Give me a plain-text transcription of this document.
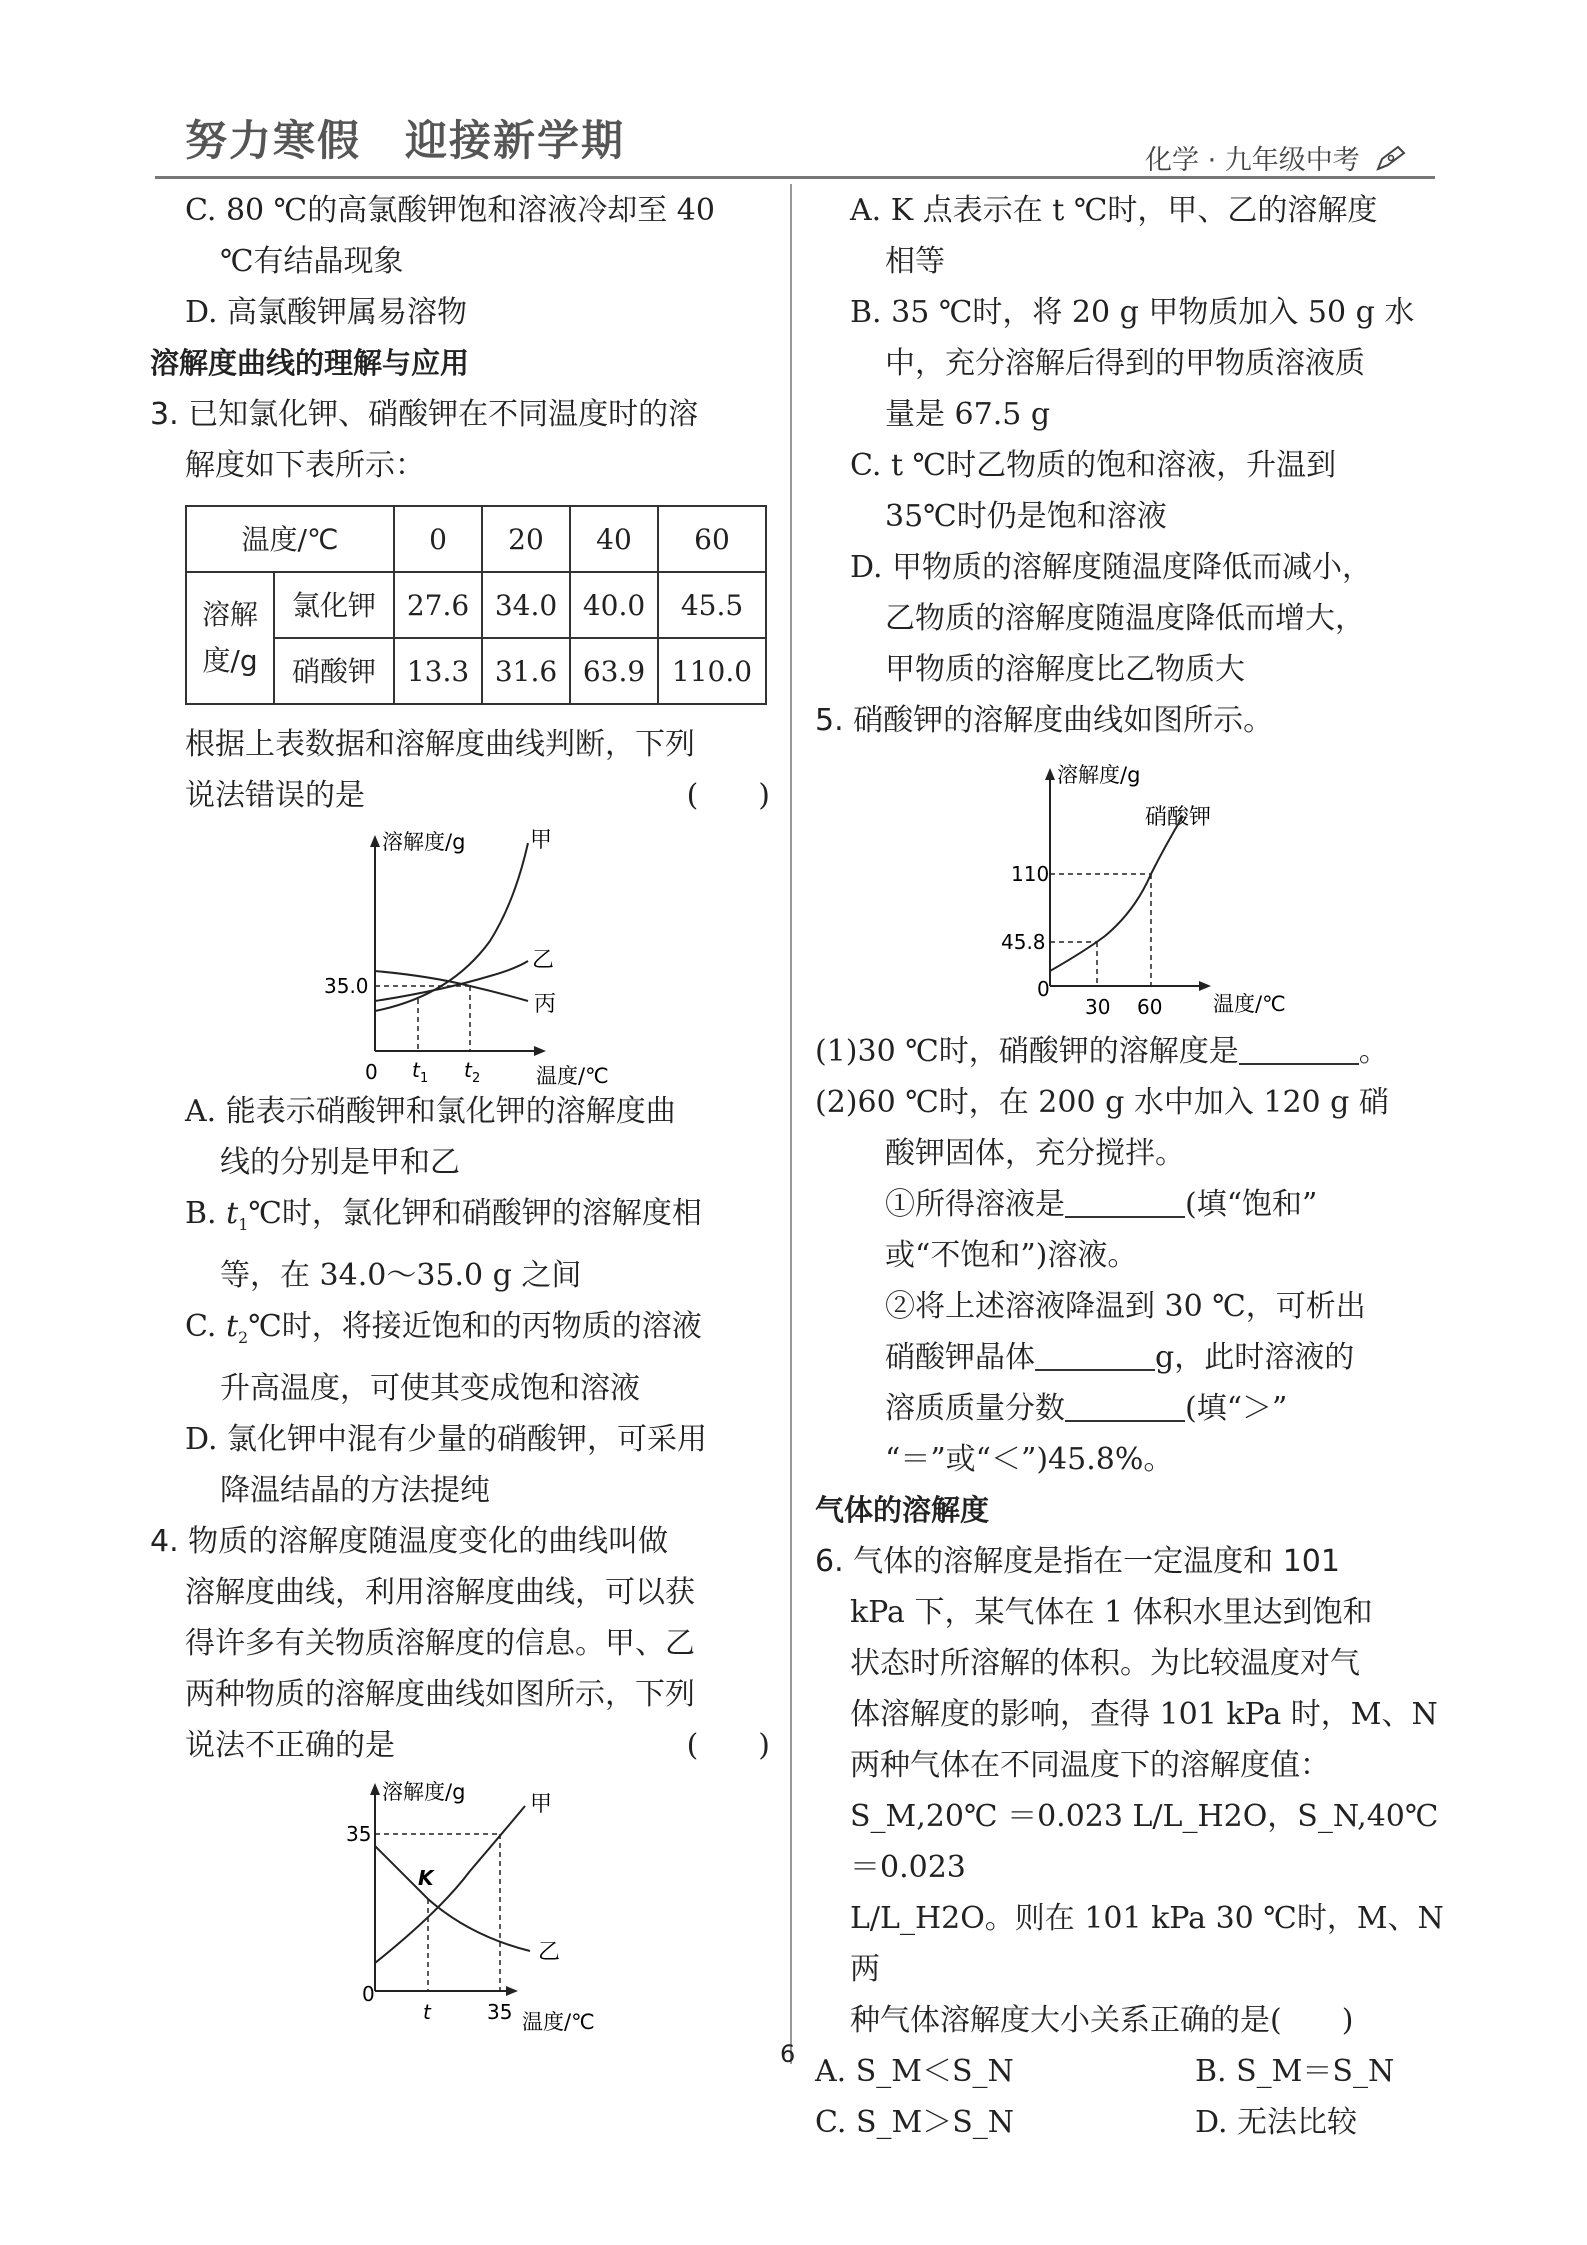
努力寒假　迎接新学期	化学 · 九年级中考

C. 80 ℃的高氯酸钾饱和溶液冷却至 40

℃有结晶现象

D. 高氯酸钾属易溶物

溶解度曲线的理解与应用

3. 已知氯化钾、硝酸钾在不同温度时的溶

解度如下表所示：

温度/℃		0	20	40	60
溶解度/g	氯化钾	27.6	34.0	40.0	45.5
	硝酸钾	13.3	31.6	63.9	110.0

根据上表数据和溶解度曲线判断，下列

说法错误的是	(　　)

溶解度/g
温度/℃
0
35.0
甲
乙
丙
t 1 t 2

A. 能表示硝酸钾和氯化钾的溶解度曲

线的分别是甲和乙

B. $t_1℃$时，氯化钾和硝酸钾的溶解度相

等，在 34.0～35.0 g 之间

C. $t_2℃$时，将接近饱和的丙物质的溶液

升高温度，可使其变成饱和溶液

D. 氯化钾中混有少量的硝酸钾，可采用

降温结晶的方法提纯

4. 物质的溶解度随温度变化的曲线叫做

溶解度曲线，利用溶解度曲线，可以获

得许多有关物质溶解度的信息。甲、乙

两种物质的溶解度曲线如图所示，下列

说法不正确的是	(　　)

溶解度/g
温度/℃
0
35
甲
乙
K
t	35

A. K 点表示在 t ℃时，甲、乙的溶解度

相等

B. 35 ℃时，将 20 g 甲物质加入 50 g 水

中，充分溶解后得到的甲物质溶液质

量是 67.5 g

C. t ℃时乙物质的饱和溶液，升温到

35℃时仍是饱和溶液

D. 甲物质的溶解度随温度降低而减小，

乙物质的溶解度随温度降低而增大，

甲物质的溶解度比乙物质大

5. 硝酸钾的溶解度曲线如图所示。

溶解度/g
硝酸钾
温度/℃
0
110
45.8
30 60

(1)30 ℃时，硝酸钾的溶解度是	。

(2)60 ℃时，在 200 g 水中加入 120 g 硝

酸钾固体，充分搅拌。

①所得溶液是	(填“饱和”

或“不饱和”)溶液。

②将上述溶液降温到 30 ℃，可析出

硝酸钾晶体	g，此时溶液的

溶质质量分数	(填“＞”

“＝”或“＜”)45.8%。

气体的溶解度

6. 气体的溶解度是指在一定温度和 101

kPa 下，某气体在 1 体积水里达到饱和

状态时所溶解的体积。为比较温度对气

体溶解度的影响，查得 101 kPa 时，M、N

两种气体在不同温度下的溶解度值：

S_M,20℃ ＝0.023 L/L_H2O，S_N,40℃ ＝0.023

L/L_H2O。则在 101 kPa 30 ℃时，M、N 两

种气体溶解度大小关系正确的是(　　)

A. S_M＜S_N	B. S_M＝S_N
C. S_M＞S_N	D. 无法比较
6
